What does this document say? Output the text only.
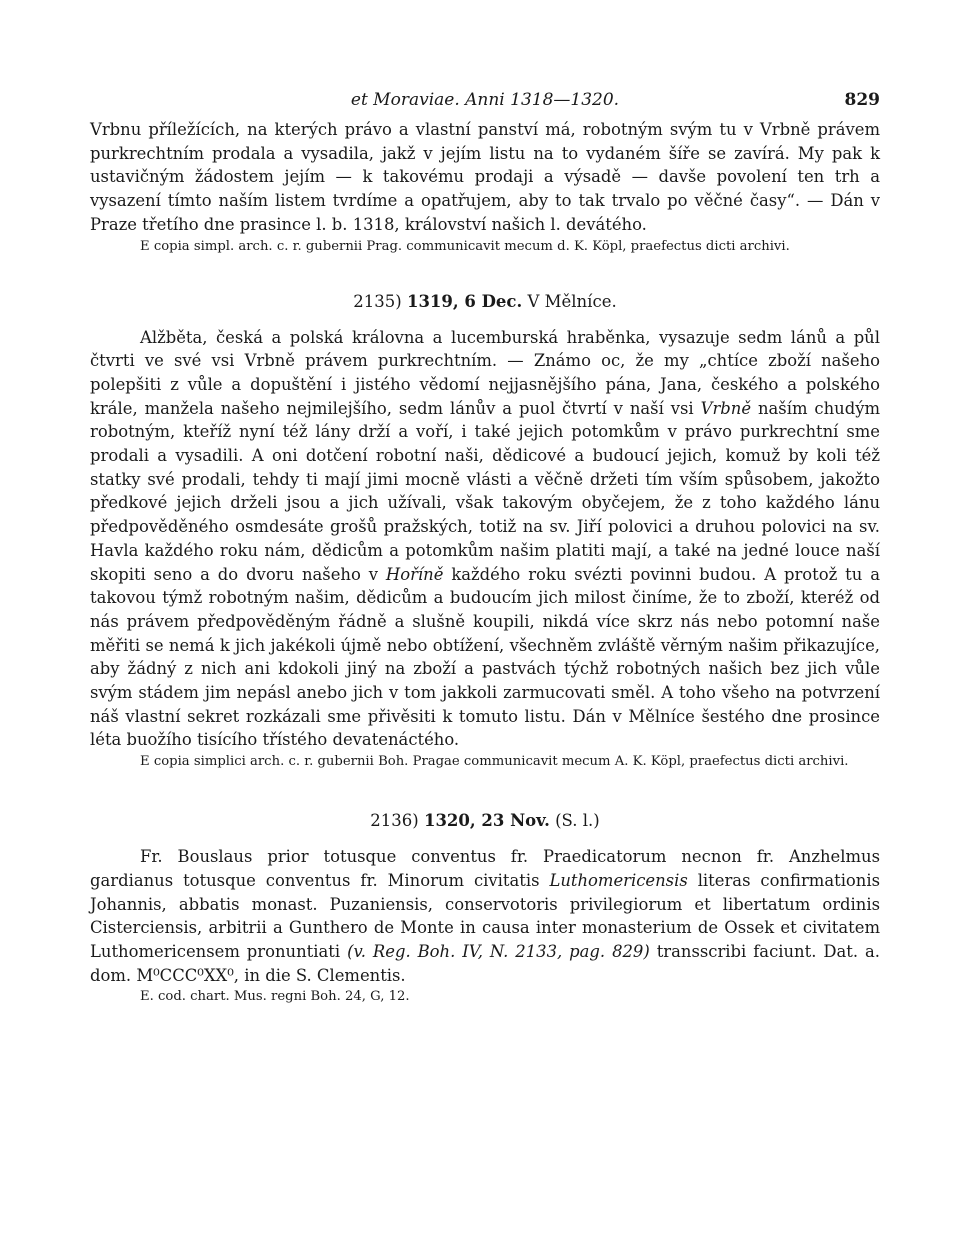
et Moraviae. Anni 1318—1320.	829

Vrbnu příležících, na kterých právo a vlastní panství má, robotným svým tu v Vrbně právem purkrechtním prodala a vysadila, jakž v jejím listu na to vydaném šíře se zavírá. My pak k ustavičným žádostem jejím — k takovému prodaji a výsadě — davše povolení ten trh a vysazení tímto naším listem tvrdíme a opatřujem, aby to tak trvalo po věčné časy“. — Dán v Praze třetího dne prasince l. b. 1318, království našich l. devátého.

E copia simpl. arch. c. r. gubernii Prag. communicavit mecum d. K. Köpl, praefectus dicti archivi.

2135) 1319, 6 Dec. V Mělníce.

Alžběta, česká a polská královna a lucemburská hraběnka, vysazuje sedm lánů a půl čtvrti ve své vsi Vrbně právem purkrechtním. — Známo oc, že my „chtíce zboží našeho polepšiti z vůle a dopuštění i jistého vědomí nejjasnějšího pána, Jana, českého a polského krále, manžela našeho nejmilejšího, sedm lánův a puol čtvrtí v naší vsi Vrbně naším chudým robotným, kteříž nyní též lány drží a voří, i také jejich potomkům v právo purkrechtní sme prodali a vysadili. A oni dotčení robotní naši, dědicové a budoucí jejich, komuž by koli též statky své prodali, tehdy ti mají jimi mocně vlásti a věčně držeti tím vším spůsobem, jakožto předkové jejich drželi jsou a jich užívali, však takovým obyčejem, že z toho každého lánu předpověděného osmdesáte grošů pražských, totiž na sv. Jiří polovici a druhou polovici na sv. Havla každého roku nám, dědicům a potomkům našim platiti mají, a také na jedné louce naší skopiti seno a do dvoru našeho v Hoříně každého roku svézti povinni budou. A protož tu a takovou týmž robotným našim, dědicům a budoucím jich milost činíme, že to zboží, kteréž od nás právem předpověděným řádně a slušně koupili, nikdá více skrz nás nebo potomní naše měřiti se nemá k jich jakékoli újmě nebo obtížení, všechněm zvláště věrným našim přikazujíce, aby žádný z nich ani kdokoli jiný na zboží a pastvách týchž robotných našich bez jich vůle svým stádem jim nepásl anebo jich v tom jakkoli zarmucovati směl. A toho všeho na potvrzení náš vlastní sekret rozkázali sme přivěsiti k tomuto listu. Dán v Mělníce šestého dne prosince léta buožího tisícího třístého devatenáctého.

E copia simplici arch. c. r. gubernii Boh. Pragae communicavit mecum A. K. Köpl, praefectus dicti archivi.

2136) 1320, 23 Nov. (S. l.)

Fr. Bouslaus prior totusque conventus fr. Praedicatorum necnon fr. Anzhelmus gardianus totusque conventus fr. Minorum civitatis Luthomericensis literas confirmationis Johannis, abbatis monast. Puzaniensis, conservotoris privilegiorum et libertatum ordinis Cisterciensis, arbitrii a Gunthero de Monte in causa inter monasterium de Ossek et civitatem Luthomericensem pronuntiati (v. Reg. Boh. IV, N. 2133, pag. 829) transscribi faciunt. Dat. a. dom. M⁰CCC⁰XX⁰, in die S. Clementis.

E. cod. chart. Mus. regni Boh. 24, G, 12.
